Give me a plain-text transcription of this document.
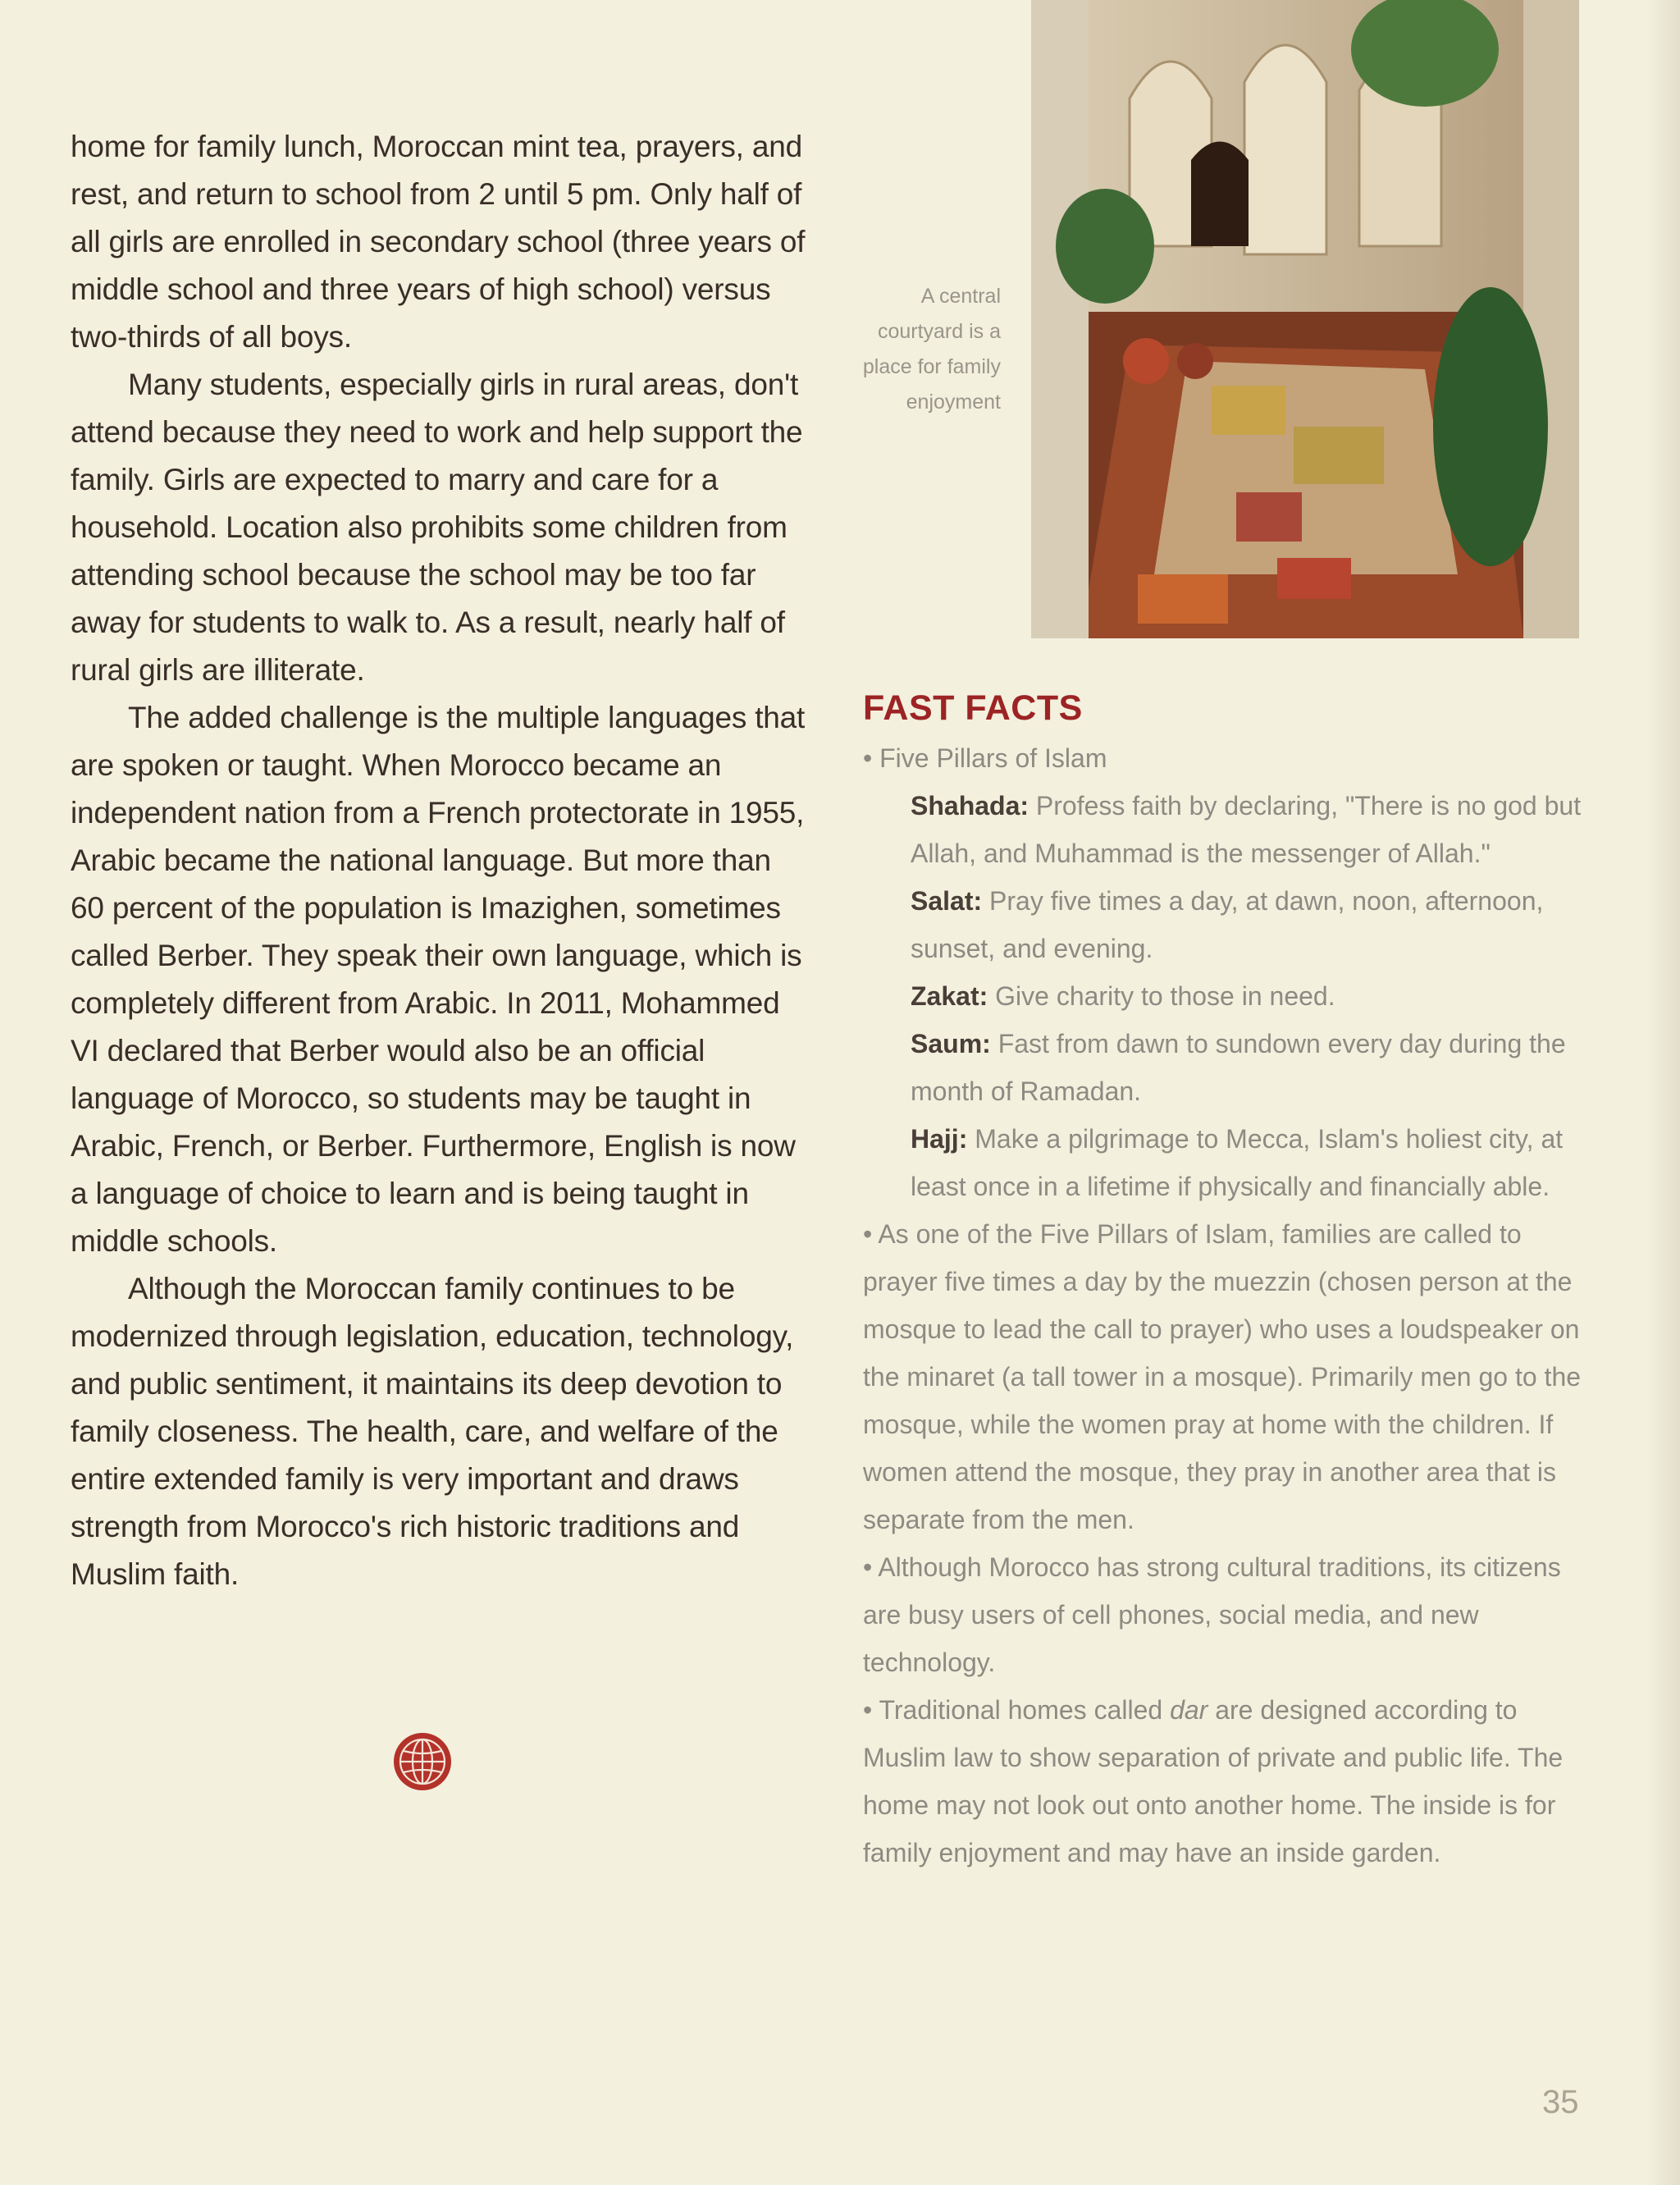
home for family lunch, Moroccan mint tea, prayers, and rest, and return to school from 2 until 5 pm. Only half of all girls are enrolled in secondary school (three years of middle school and three years of high school) versus two-thirds of all boys.

Many students, especially girls in rural areas, don't attend because they need to work and help support the family. Girls are expected to marry and care for a household. Location also prohibits some children from attending school because the school may be too far away for students to walk to. As a result, nearly half of rural girls are illiterate.

The added challenge is the multiple languages that are spoken or taught. When Morocco became an independent nation from a French protectorate in 1955, Arabic became the national language. But more than 60 percent of the population is Imazighen, sometimes called Berber. They speak their own language, which is completely different from Arabic. In 2011, Mohammed VI declared that Berber would also be an official language of Morocco, so students may be taught in Arabic, French, or Berber. Furthermore, English is now a language of choice to learn and is being taught in middle schools.

Although the Moroccan family continues to be modernized through legislation, education, technology, and public sentiment, it maintains its deep devotion to family closeness. The health, care, and welfare of the entire extended family is very important and draws strength from Morocco's rich historic traditions and Muslim faith.

A central courtyard is a place for family enjoyment
FAST FACTS

• Five Pillars of Islam

Shahada: Profess faith by declaring, "There is no god but Allah, and Muhammad is the messenger of Allah."

Salat: Pray five times a day, at dawn, noon, afternoon, sunset, and evening.

Zakat: Give charity to those in need.

Saum: Fast from dawn to sundown every day during the month of Ramadan.

Hajj: Make a pilgrimage to Mecca, Islam's holiest city, at least once in a lifetime if physically and financially able.

• As one of the Five Pillars of Islam, families are called to prayer five times a day by the muezzin (chosen person at the mosque to lead the call to prayer) who uses a loudspeaker on the minaret (a tall tower in a mosque). Primarily men go to the mosque, while the women pray at home with the children. If women attend the mosque, they pray in another area that is separate from the men.

• Although Morocco has strong cultural traditions, its citizens are busy users of cell phones, social media, and new technology.

• Traditional homes called dar are designed according to Muslim law to show separation of private and public life. The home may not look out onto another home. The inside is for family enjoyment and may have an inside garden.

35
